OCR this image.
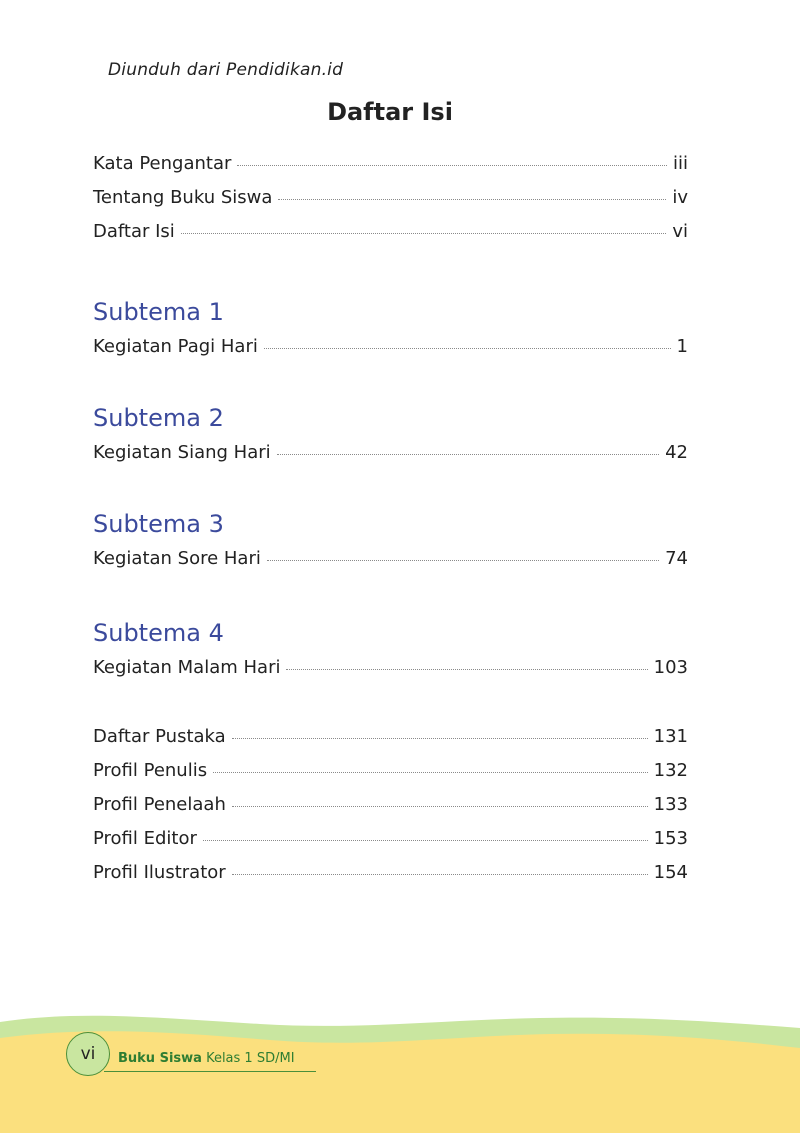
Diunduh dari Pendidikan.id
Daftar Isi
Kata Pengantar	iii
Tentang Buku Siswa	iv
Daftar Isi	vi
Subtema 1
Kegiatan Pagi Hari	1
Subtema 2
Kegiatan Siang Hari	42
Subtema 3
Kegiatan Sore Hari	74
Subtema 4
Kegiatan Malam Hari	103
Daftar Pustaka	131
Profil Penulis	132
Profil Penelaah	133
Profil Editor	153
Profil Ilustrator	154
vi Buku Siswa Kelas 1 SD/MI
